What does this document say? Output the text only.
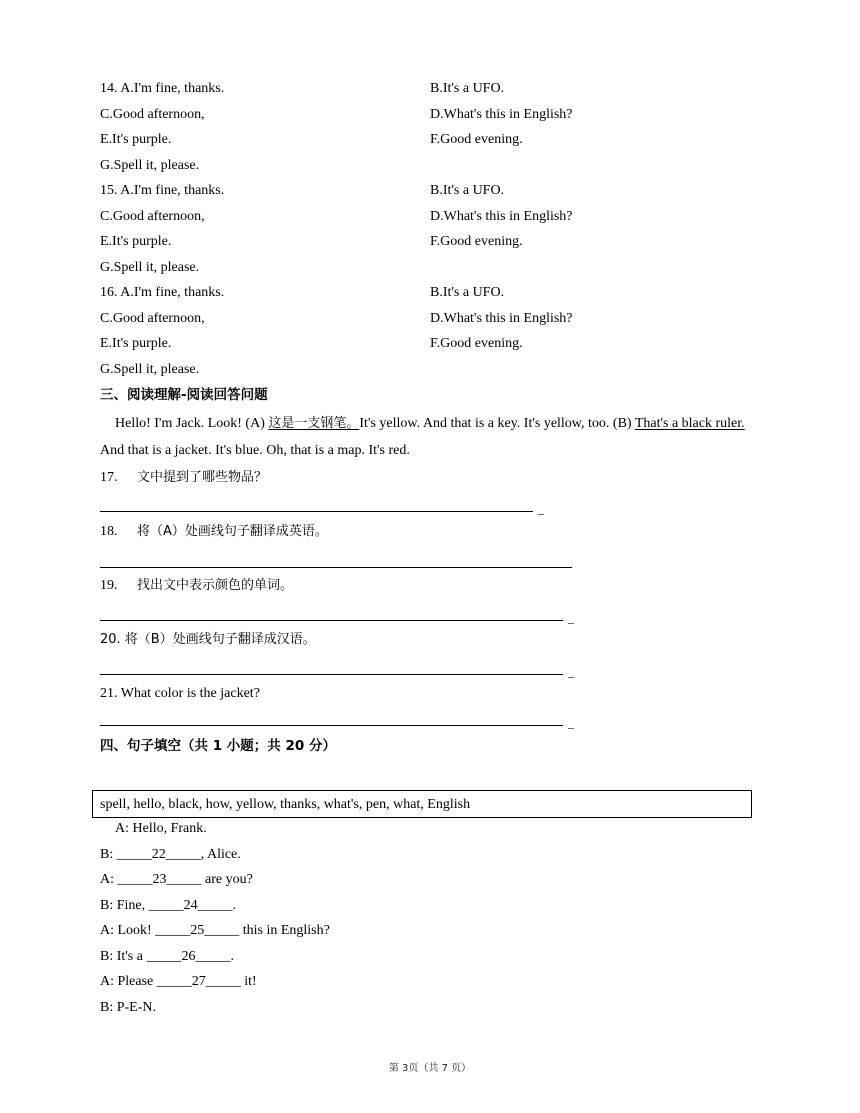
14. A.I'm fine, thanks.	B.It's a UFO.
C.Good afternoon,	D.What's this in English?
E.It's purple.	F.Good evening.
G.Spell it, please.
15. A.I'm fine, thanks.	B.It's a UFO.
C.Good afternoon,	D.What's this in English?
E.It's purple.	F.Good evening.
G.Spell it, please.
16. A.I'm fine, thanks.	B.It's a UFO.
C.Good afternoon,	D.What's this in English?
E.It's purple.	F.Good evening.
G.Spell it, please.
三、阅读理解-阅读回答问题
Hello! I'm Jack. Look! (A) 这是一支钢笔。It's yellow. And that is a key. It's yellow, too. (B) That's a black ruler. And that is a jacket. It's blue. Oh, that is a map. It's red.
17. 文中提到了哪些物品？
_
18. 将（A）处画线句子翻译成英语。
19. 找出文中表示颜色的单词。
_
20. 将（B）处画线句子翻译成汉语。
_
21. What color is the jacket?
_
四、句子填空（共 1 小题；共 20 分）
spell, hello, black, how, yellow, thanks, what's, pen, what, English
A: Hello, Frank.
B: _____22_____, Alice.
A: _____23_____ are you?
B: Fine, _____24_____.
A: Look! _____25_____ this in English?
B: It's a _____26_____.
A: Please _____27_____ it!
B: P-E-N.
第 3页（共 7 页）
